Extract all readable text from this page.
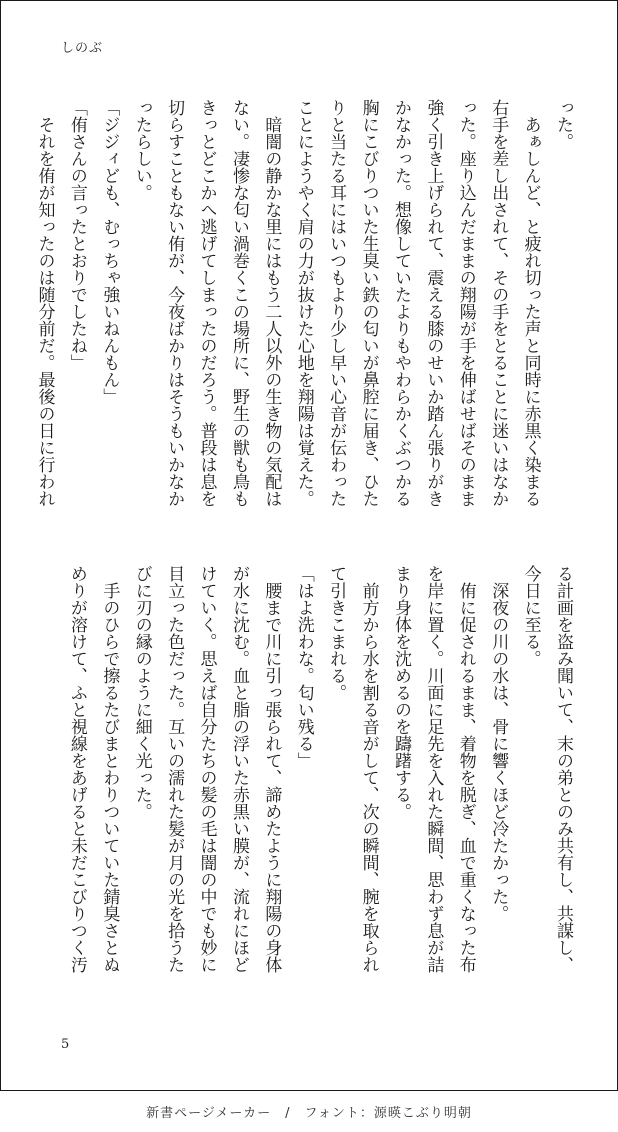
しのぶ

った。

　あぁしんど、と疲れ切った声と同時に赤黒く染まる

右手を差し出されて、その手をとることに迷いはなか

った。座り込んだままの翔陽が手を伸ばせばそのまま

強く引き上げられて、震える膝のせいか踏ん張りがき

かなかった。想像していたよりもやわらかくぶつかる

胸にこびりついた生臭い鉄の匂いが鼻腔に届き、ひた

りと当たる耳にはいつもより少し早い心音が伝わった

ことにようやく肩の力が抜けた心地を翔陽は覚えた。

　暗闇の静かな里にはもう二人以外の生き物の気配は

ない。凄惨な匂い渦巻くこの場所に、野生の獣も鳥も

きっとどこかへ逃げてしまったのだろう。普段は息を

切らすこともない侑が、今夜ばかりはそうもいかなか

ったらしい。

「ジジィども、むっちゃ強いねんもん」

「侑さんの言ったとおりでしたね」

　それを侑が知ったのは随分前だ。最後の日に行われ

る計画を盗み聞いて、末の弟とのみ共有し、共謀し、

今日に至る。

　深夜の川の水は、骨に響くほど冷たかった。

　侑に促されるまま、着物を脱ぎ、血で重くなった布

を岸に置く。川面に足先を入れた瞬間、思わず息が詰

まり身体を沈めるのを躊躇する。

　前方から水を割る音がして、次の瞬間、腕を取られ

て引きこまれる。

「はよ洗わな。匂い残る」

　腰まで川に引っ張られて、諦めたように翔陽の身体

が水に沈む。血と脂の浮いた赤黒い膜が、流れにほど

けていく。思えば自分たちの髪の毛は闇の中でも妙に

目立った色だった。互いの濡れた髪が月の光を拾うた

びに刃の縁のように細く光った。

　手のひらで擦るたびまとわりついていた錆臭さとぬ

めりが溶けて、ふと視線をあげると未だこびりつく汚

5
新書ページメーカー　/　フォント：源暎こぶり明朝
